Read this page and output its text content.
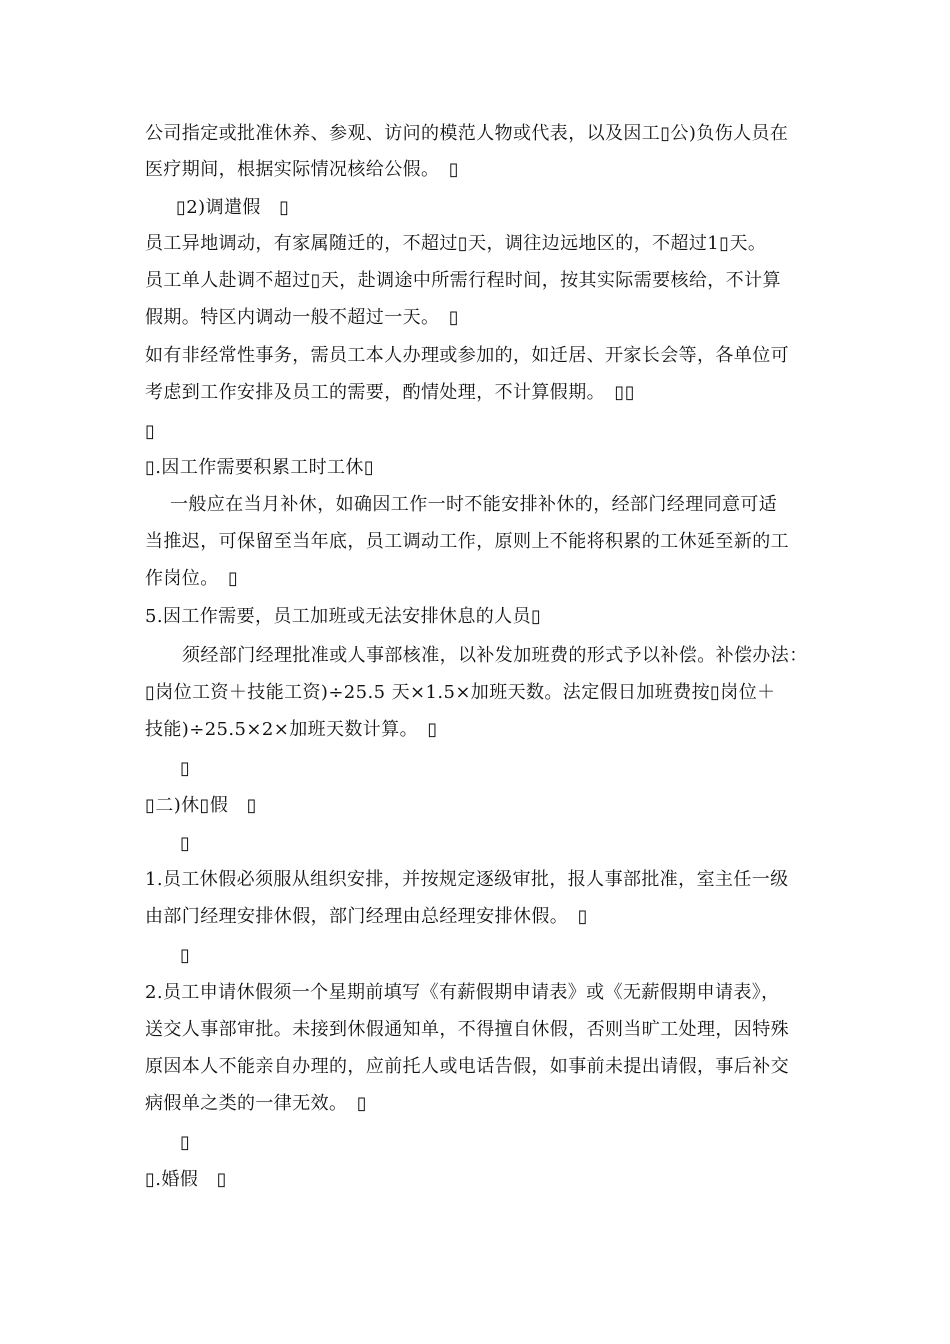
公司指定或批准休养、参观、访问的模范人物或代表，以及因工▯公)负伤人员在
医疗期间，根据实际情况核给公假。　▯
▯2)调遣假　▯
员工异地调动，有家属随迁的，不超过▯天，调往边远地区的，不超过1▯天。
员工单人赴调不超过▯天，赴调途中所需行程时间，按其实际需要核给，不计算
假期。特区内调动一般不超过一天。　▯
如有非经常性事务，需员工本人办理或参加的，如迁居、开家长会等，各单位可
考虑到工作安排及员工的需要，酌情处理，不计算假期。　▯▯
▯
▯.因工作需要积累工时工休▯
一般应在当月补休，如确因工作一时不能安排补休的，经部门经理同意可适
当推迟，可保留至当年底，员工调动工作，原则上不能将积累的工休延至新的工
作岗位。　▯
5.因工作需要，员工加班或无法安排休息的人员▯
须经部门经理批准或人事部核准，以补发加班费的形式予以补偿。补偿办法：
▯岗位工资＋技能工资)÷25.5 天×1.5×加班天数。法定假日加班费按▯岗位＋
技能)÷25.5×2×加班天数计算。　▯
▯
▯二)休▯假　▯
▯
1.员工休假必须服从组织安排，并按规定逐级审批，报人事部批准，室主任一级
由部门经理安排休假，部门经理由总经理安排休假。　▯
▯
2.员工申请休假须一个星期前填写《有薪假期申请表》或《无薪假期申请表》，
送交人事部审批。未接到休假通知单，不得擅自休假，否则当旷工处理，因特殊
原因本人不能亲自办理的，应前托人或电话告假，如事前未提出请假，事后补交
病假单之类的一律无效。　▯
▯
▯.婚假　▯
